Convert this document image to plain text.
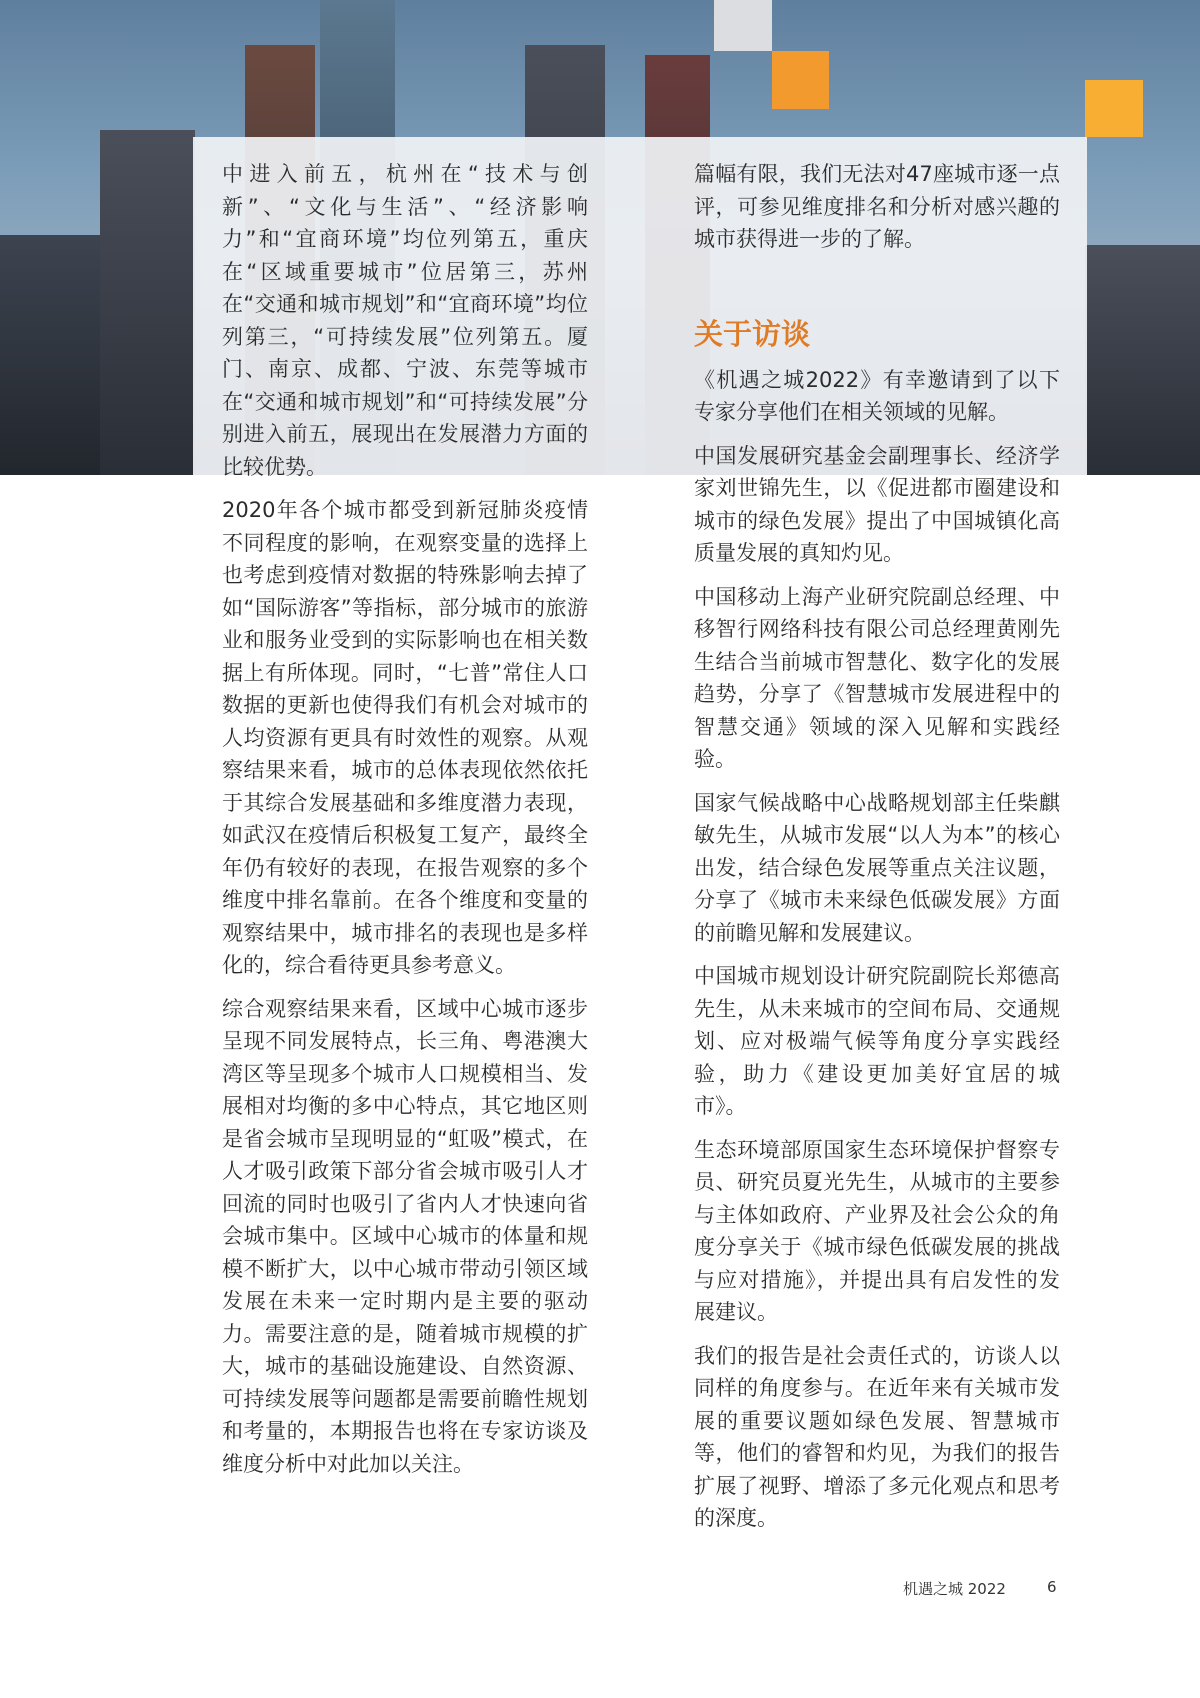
中进入前五，杭州在“技术与创新”、“文化与生活”、“经济影响力”和“宜商环境”均位列第五，重庆在“区域重要城市”位居第三，苏州在“交通和城市规划”和“宜商环境”均位列第三，“可持续发展”位列第五。厦门、南京、成都、宁波、东莞等城市在“交通和城市规划”和“可持续发展”分别进入前五，展现出在发展潜力方面的比较优势。

2020年各个城市都受到新冠肺炎疫情不同程度的影响，在观察变量的选择上也考虑到疫情对数据的特殊影响去掉了如“国际游客”等指标，部分城市的旅游业和服务业受到的实际影响也在相关数据上有所体现。同时，“七普”常住人口数据的更新也使得我们有机会对城市的人均资源有更具有时效性的观察。从观察结果来看，城市的总体表现依然依托于其综合发展基础和多维度潜力表现，如武汉在疫情后积极复工复产，最终全年仍有较好的表现，在报告观察的多个维度中排名靠前。在各个维度和变量的观察结果中，城市排名的表现也是多样化的，综合看待更具参考意义。

综合观察结果来看，区域中心城市逐步呈现不同发展特点，长三角、粤港澳大湾区等呈现多个城市人口规模相当、发展相对均衡的多中心特点，其它地区则是省会城市呈现明显的“虹吸”模式，在人才吸引政策下部分省会城市吸引人才回流的同时也吸引了省内人才快速向省会城市集中。区域中心城市的体量和规模不断扩大，以中心城市带动引领区域发展在未来一定时期内是主要的驱动力。需要注意的是，随着城市规模的扩大，城市的基础设施建设、自然资源、可持续发展等问题都是需要前瞻性规划和考量的，本期报告也将在专家访谈及维度分析中对此加以关注。

篇幅有限，我们无法对47座城市逐一点评，可参见维度排名和分析对感兴趣的城市获得进一步的了解。

关于访谈

《机遇之城2022》有幸邀请到了以下专家分享他们在相关领域的见解。

中国发展研究基金会副理事长、经济学家刘世锦先生，以《促进都市圈建设和城市的绿色发展》提出了中国城镇化高质量发展的真知灼见。

中国移动上海产业研究院副总经理、中移智行网络科技有限公司总经理黄刚先生结合当前城市智慧化、数字化的发展趋势，分享了《智慧城市发展进程中的智慧交通》领域的深入见解和实践经验。

国家气候战略中心战略规划部主任柴麒敏先生，从城市发展“以人为本”的核心出发，结合绿色发展等重点关注议题，分享了《城市未来绿色低碳发展》方面的前瞻见解和发展建议。

中国城市规划设计研究院副院长郑德高先生，从未来城市的空间布局、交通规划、应对极端气候等角度分享实践经验，助力《建设更加美好宜居的城市》。

生态环境部原国家生态环境保护督察专员、研究员夏光先生，从城市的主要参与主体如政府、产业界及社会公众的角度分享关于《城市绿色低碳发展的挑战与应对措施》，并提出具有启发性的发展建议。

我们的报告是社会责任式的，访谈人以同样的角度参与。在近年来有关城市发展的重要议题如绿色发展、智慧城市等，他们的睿智和灼见，为我们的报告扩展了视野、增添了多元化观点和思考的深度。

机遇之城 2022	6
